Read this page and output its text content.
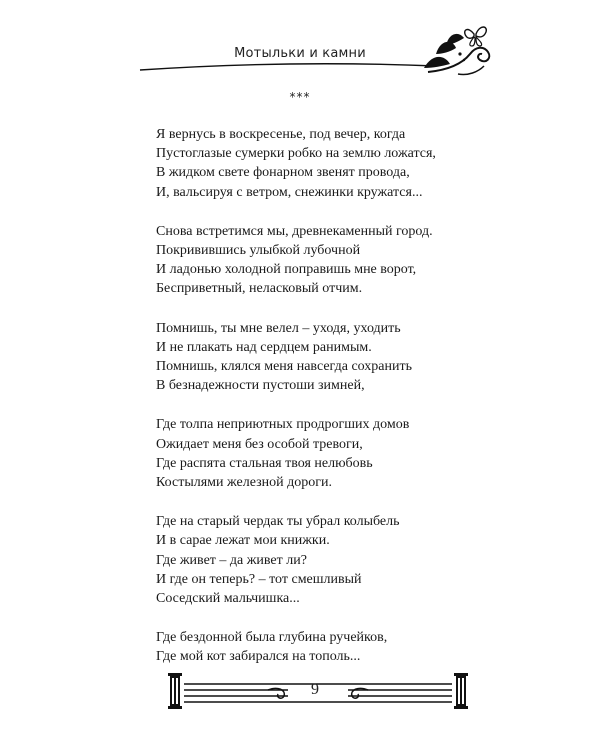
Мотыльки и камни
***
Я вернусь в воскресенье, под вечер, когда
Пустоглазые сумерки робко на землю ложатся,
В жидком свете фонарном звенят провода,
И, вальсируя с ветром, снежинки кружатся...
Снова встретимся мы, древнекаменный город.
Покривившись улыбкой лубочной
И ладонью холодной поправишь мне ворот,
Бесприветный, неласковый отчим.
Помнишь, ты мне велел – уходя, уходить
И не плакать над сердцем ранимым.
Помнишь, клялся меня навсегда сохранить
В безнадежности пустоши зимней,
Где толпа неприютных продрогших домов
Ожидает меня без особой тревоги,
Где распята стальная твоя нелюбовь
Костылями железной дороги.
Где на старый чердак ты убрал колыбель
И в сарае лежат мои книжки.
Где живет – да живет ли?
И где он теперь? – тот смешливый
Соседский мальчишка...
Где бездонной была глубина ручейков,
Где мой кот забирался на тополь...
9
